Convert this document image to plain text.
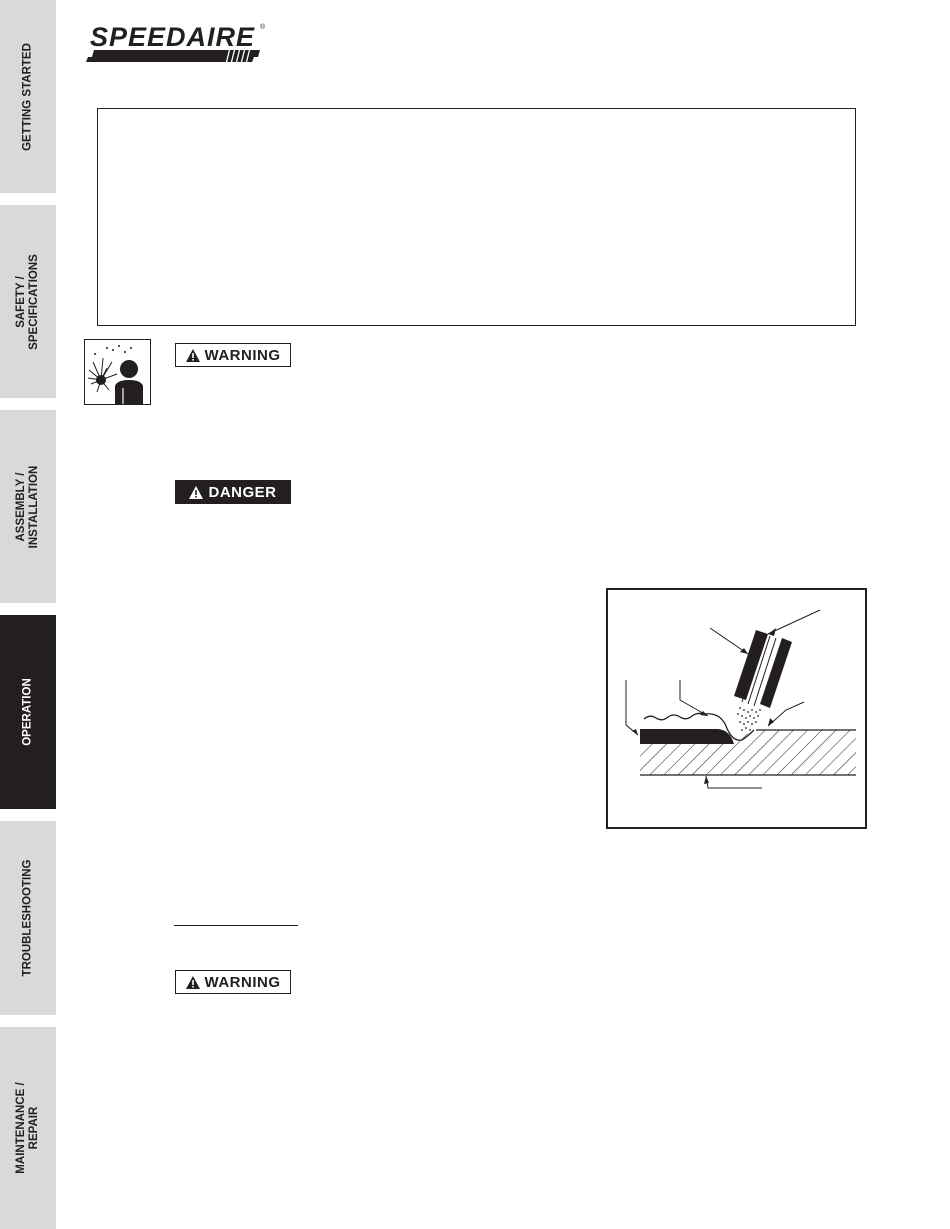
GETTING STARTED
SAFETY /
SPECIFICATIONS
ASSEMBLY /
INSTALLATION
OPERATION
TROUBLESHOOTING
MAINTENANCE /
REPAIR
SPEEDAIRE ®
WARNING
DANGER
WARNING
